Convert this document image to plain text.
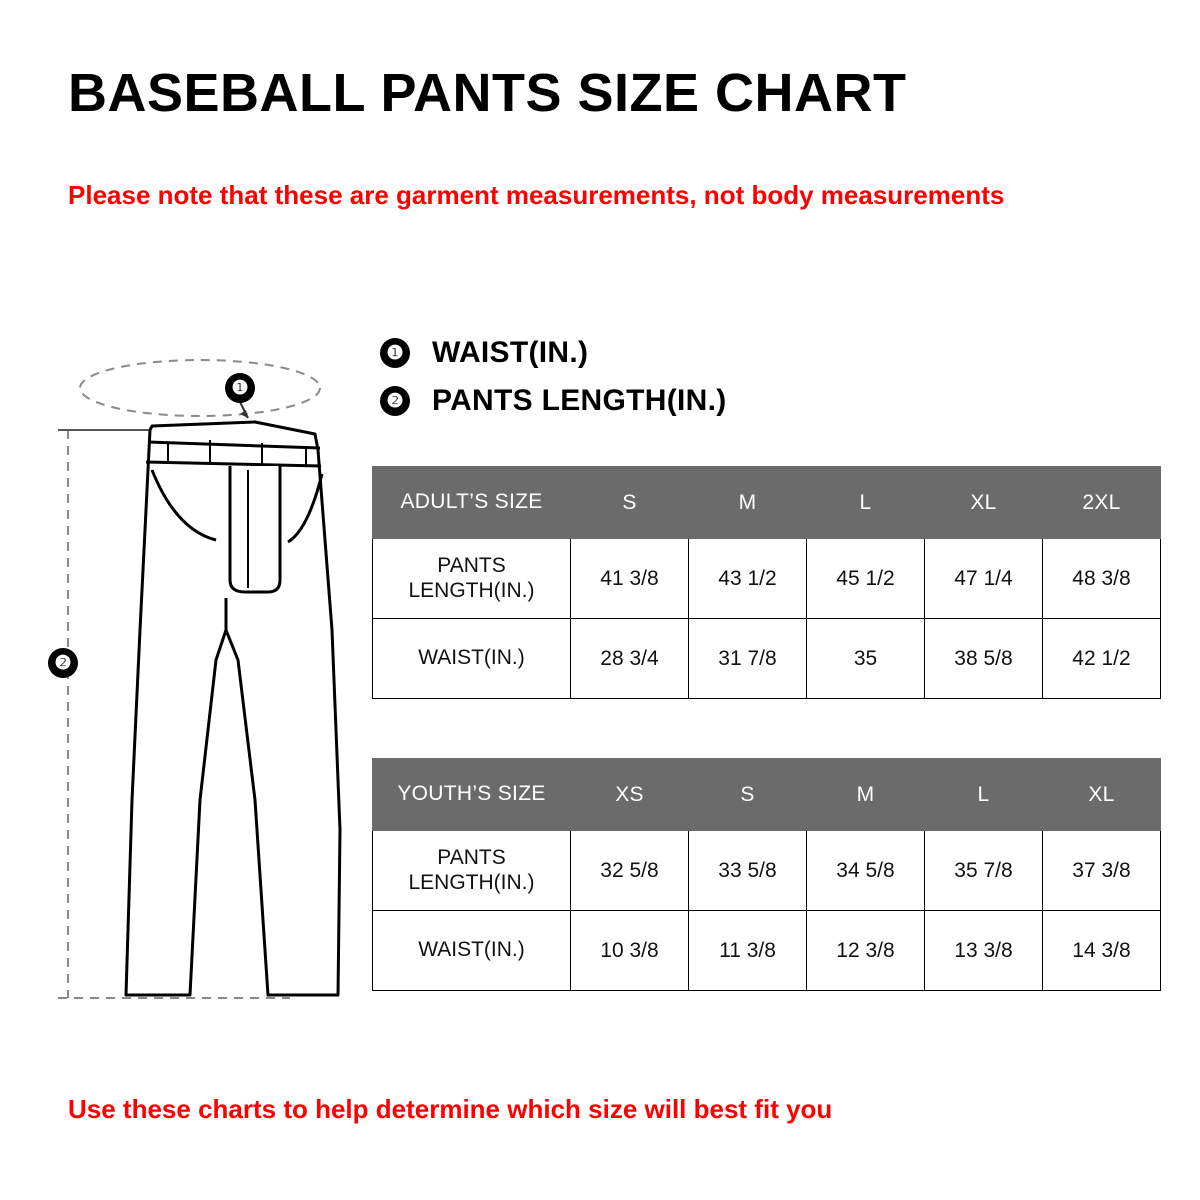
BASEBALL PANTS SIZE CHART
Please note that these are garment measurements, not body measurements
❶ WAIST(IN.)
❷ PANTS LENGTH(IN.)
❶
❷
ADULT’S SIZE	S	M	L	XL	2XL
PANTS LENGTH(IN.)	41 3/8	43 1/2	45 1/2	47 1/4	48 3/8
WAIST(IN.)	28 3/4	31 7/8	35	38 5/8	42 1/2
YOUTH’S SIZE	XS	S	M	L	XL
PANTS LENGTH(IN.)	32 5/8	33 5/8	34 5/8	35 7/8	37 3/8
WAIST(IN.)	10 3/8	11 3/8	12 3/8	13 3/8	14 3/8
Use these charts to help determine which size will best fit you
